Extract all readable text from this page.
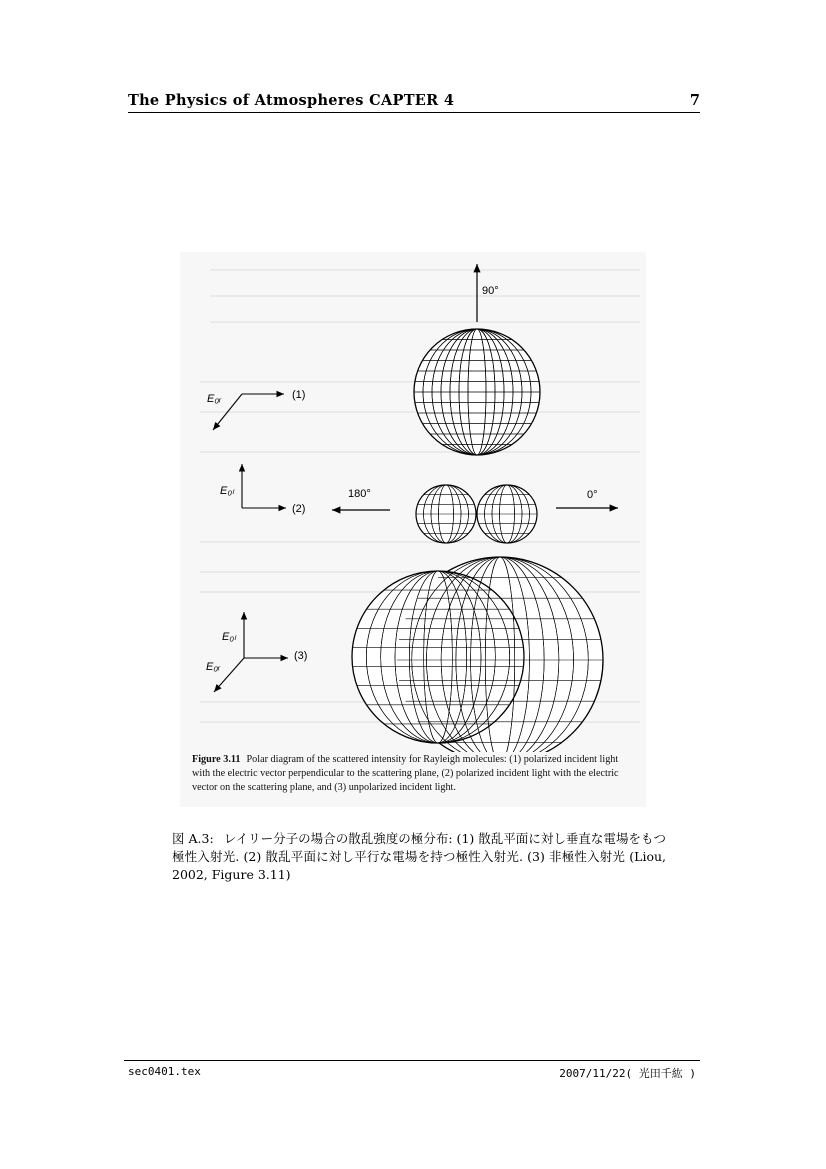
The Physics of Atmospheres CAPTER 4	7
90°
180°	0°
E₀ᵣ	(1)
E₀ₗ
(2)
E₀ₗ
E₀ᵣ
(3)
Figure 3.11 Polar diagram of the scattered intensity for Rayleigh molecules: (1) polarized incident light with the electric vector perpendicular to the scattering plane, (2) polarized incident light with the electric vector on the scattering plane, and (3) unpolarized incident light.
図 A.3: レイリー分子の場合の散乱強度の極分布: (1) 散乱平面に対し垂直な電場をもつ極性入射光. (2) 散乱平面に対し平行な電場を持つ極性入射光. (3) 非極性入射光 (Liou, 2002, Figure 3.11)
sec0401.tex	2007/11/22( 光田千紘 )
